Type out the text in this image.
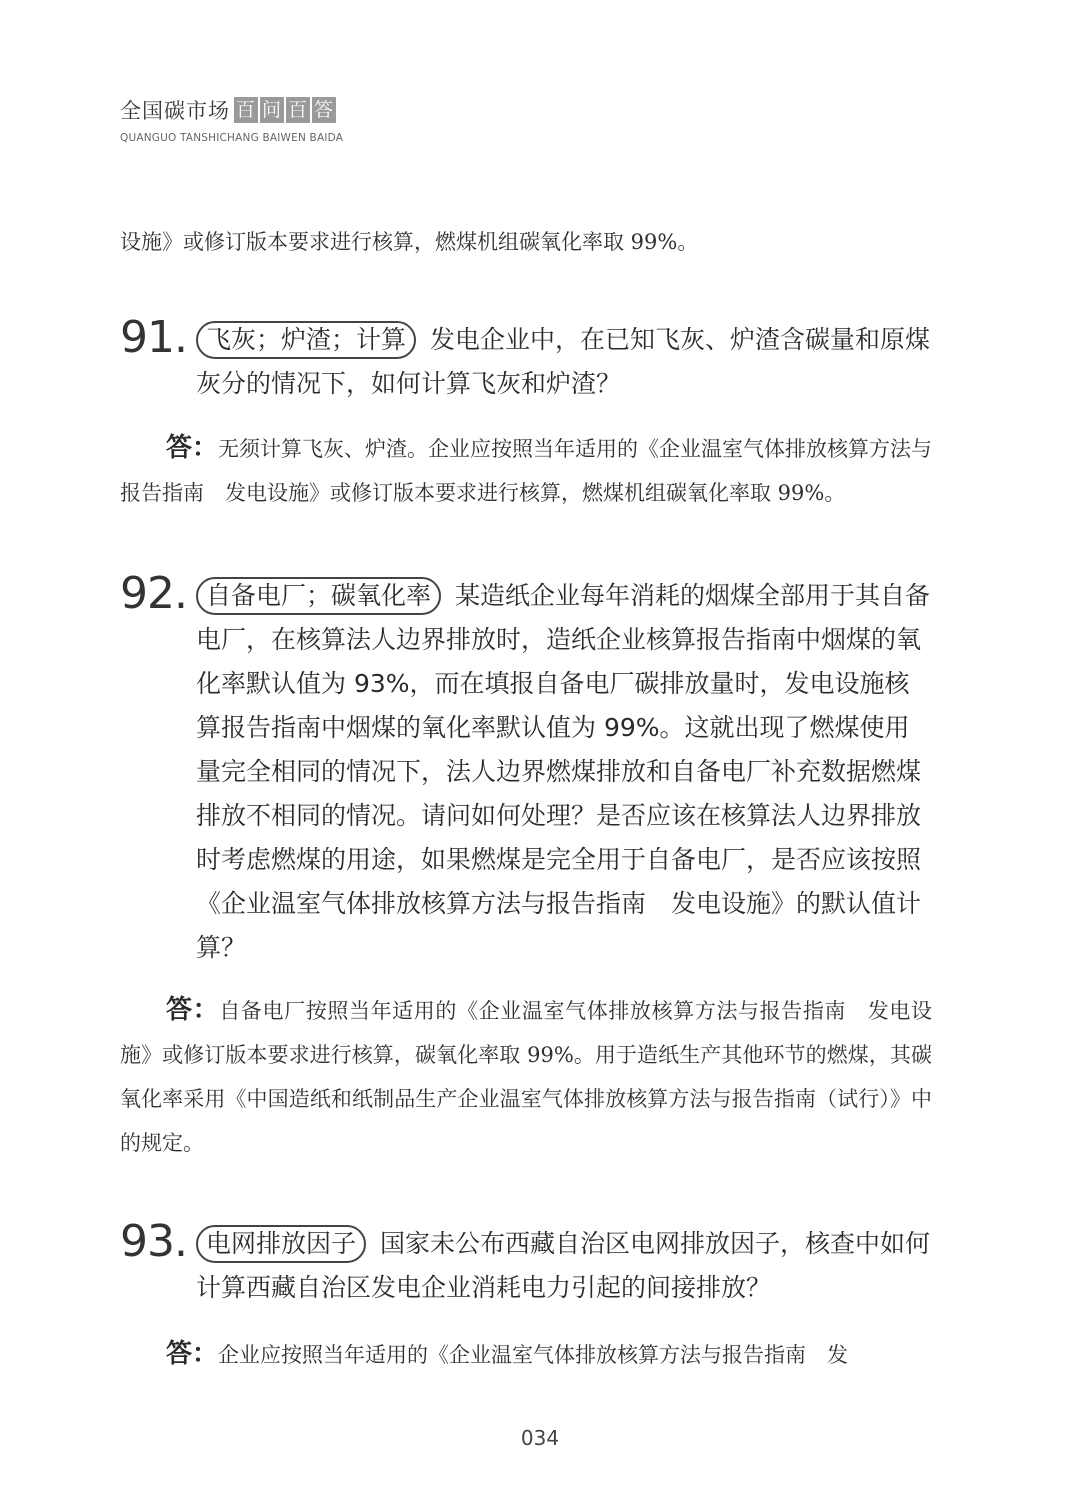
全国碳市场 百 问 百 答
QUANGUO TANSHICHANG BAIWEN BAIDA
设施》或修订版本要求进行核算，燃煤机组碳氧化率取 99%。
91. 飞灰；炉渣；计算 发电企业中，在已知飞灰、炉渣含碳量和原煤灰分的情况下，如何计算飞灰和炉渣？
答：无须计算飞灰、炉渣。企业应按照当年适用的《企业温室气体排放核算方法与报告指南　发电设施》或修订版本要求进行核算，燃煤机组碳氧化率取 99%。
92. 自备电厂；碳氧化率 某造纸企业每年消耗的烟煤全部用于其自备电厂，在核算法人边界排放时，造纸企业核算报告指南中烟煤的氧化率默认值为 93%，而在填报自备电厂碳排放量时，发电设施核算报告指南中烟煤的氧化率默认值为 99%。这就出现了燃煤使用量完全相同的情况下，法人边界燃煤排放和自备电厂补充数据燃煤排放不相同的情况。请问如何处理？是否应该在核算法人边界排放时考虑燃煤的用途，如果燃煤是完全用于自备电厂，是否应该按照《企业温室气体排放核算方法与报告指南　发电设施》的默认值计算？
答：自备电厂按照当年适用的《企业温室气体排放核算方法与报告指南　发电设施》或修订版本要求进行核算，碳氧化率取 99%。用于造纸生产其他环节的燃煤，其碳氧化率采用《中国造纸和纸制品生产企业温室气体排放核算方法与报告指南（试行）》中的规定。
93. 电网排放因子 国家未公布西藏自治区电网排放因子，核查中如何计算西藏自治区发电企业消耗电力引起的间接排放？
答：企业应按照当年适用的《企业温室气体排放核算方法与报告指南　发
034
